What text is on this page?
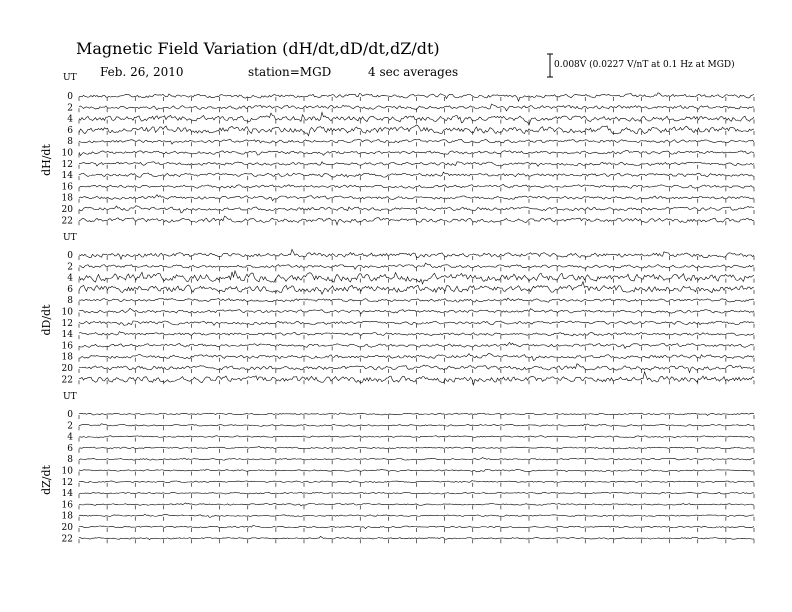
Magnetic Field Variation (dH/dt,dD/dt,dZ/dt)
Feb. 26, 2010	station=MGD	4 sec averages	0.008V (0.0227 V/nT at 0.1 Hz at MGD)
UT
dH/dt
0
2
4
6
8
10
12
14
16
18
20
22
UT
dD/dt
0
2
4
6
8
10
12
14
16
18
20
22
UT
dZ/dt
0
2
4
6
8
10
12
14
16
18
20
22
